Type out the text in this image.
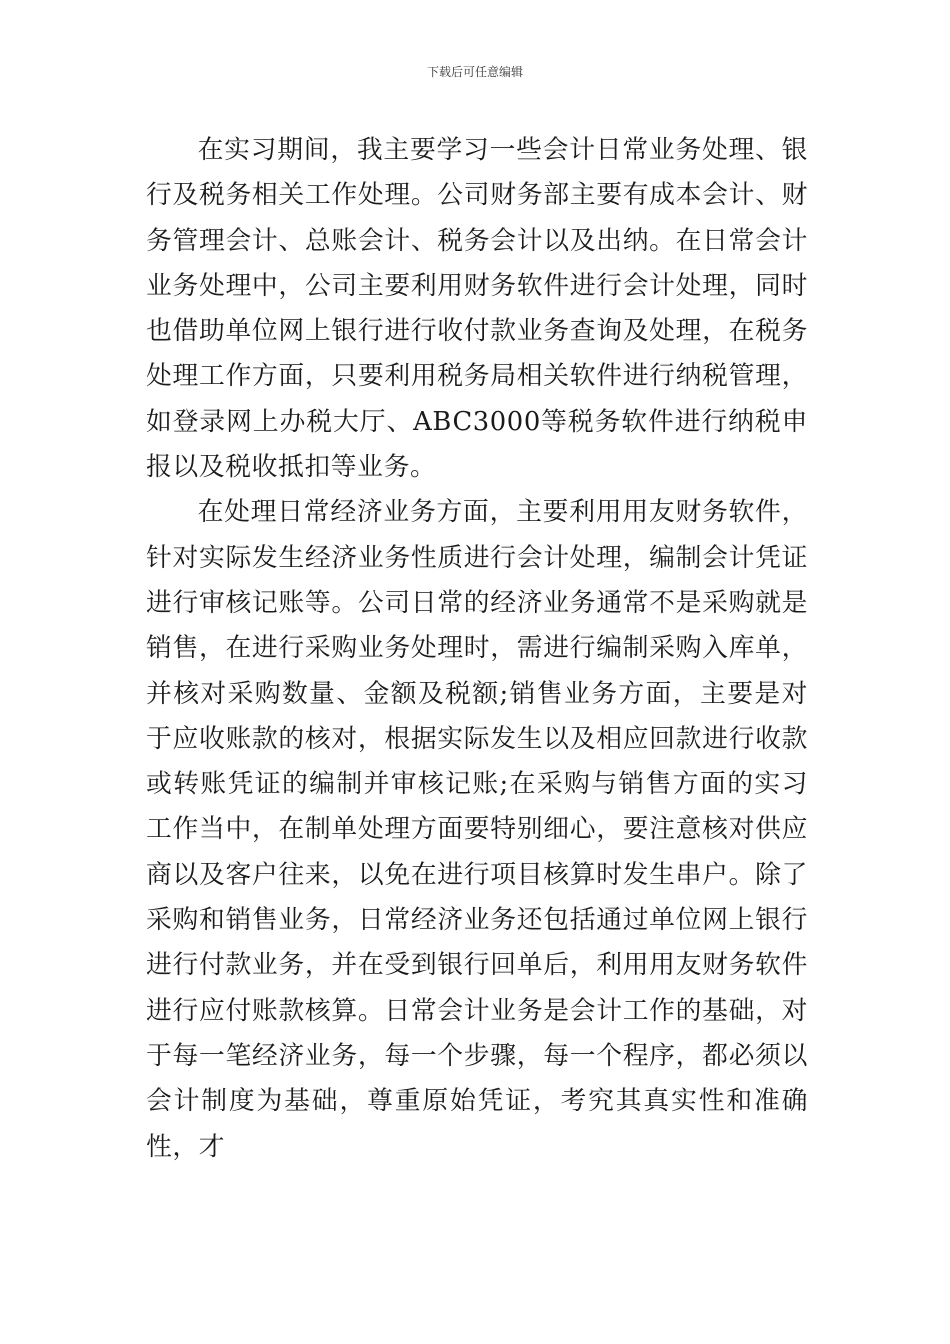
下载后可任意编辑

在实习期间，我主要学习一些会计日常业务处理、银行及税务相关工作处理。公司财务部主要有成本会计、财务管理会计、总账会计、税务会计以及出纳。在日常会计业务处理中，公司主要利用财务软件进行会计处理，同时也借助单位网上银行进行收付款业务查询及处理，在税务处理工作方面，只要利用税务局相关软件进行纳税管理，如登录网上办税大厅、ABC3000等税务软件进行纳税申报以及税收抵扣等业务。

在处理日常经济业务方面，主要利用用友财务软件，针对实际发生经济业务性质进行会计处理，编制会计凭证进行审核记账等。公司日常的经济业务通常不是采购就是销售，在进行采购业务处理时，需进行编制采购入库单，并核对采购数量、金额及税额;销售业务方面，主要是对于应收账款的核对，根据实际发生以及相应回款进行收款或转账凭证的编制并审核记账;在采购与销售方面的实习工作当中，在制单处理方面要特别细心，要注意核对供应商以及客户往来，以免在进行项目核算时发生串户。除了采购和销售业务，日常经济业务还包括通过单位网上银行进行付款业务，并在受到银行回单后，利用用友财务软件进行应付账款核算。日常会计业务是会计工作的基础，对于每一笔经济业务，每一个步骤，每一个程序，都必须以会计制度为基础，尊重原始凭证，考究其真实性和准确性，才
